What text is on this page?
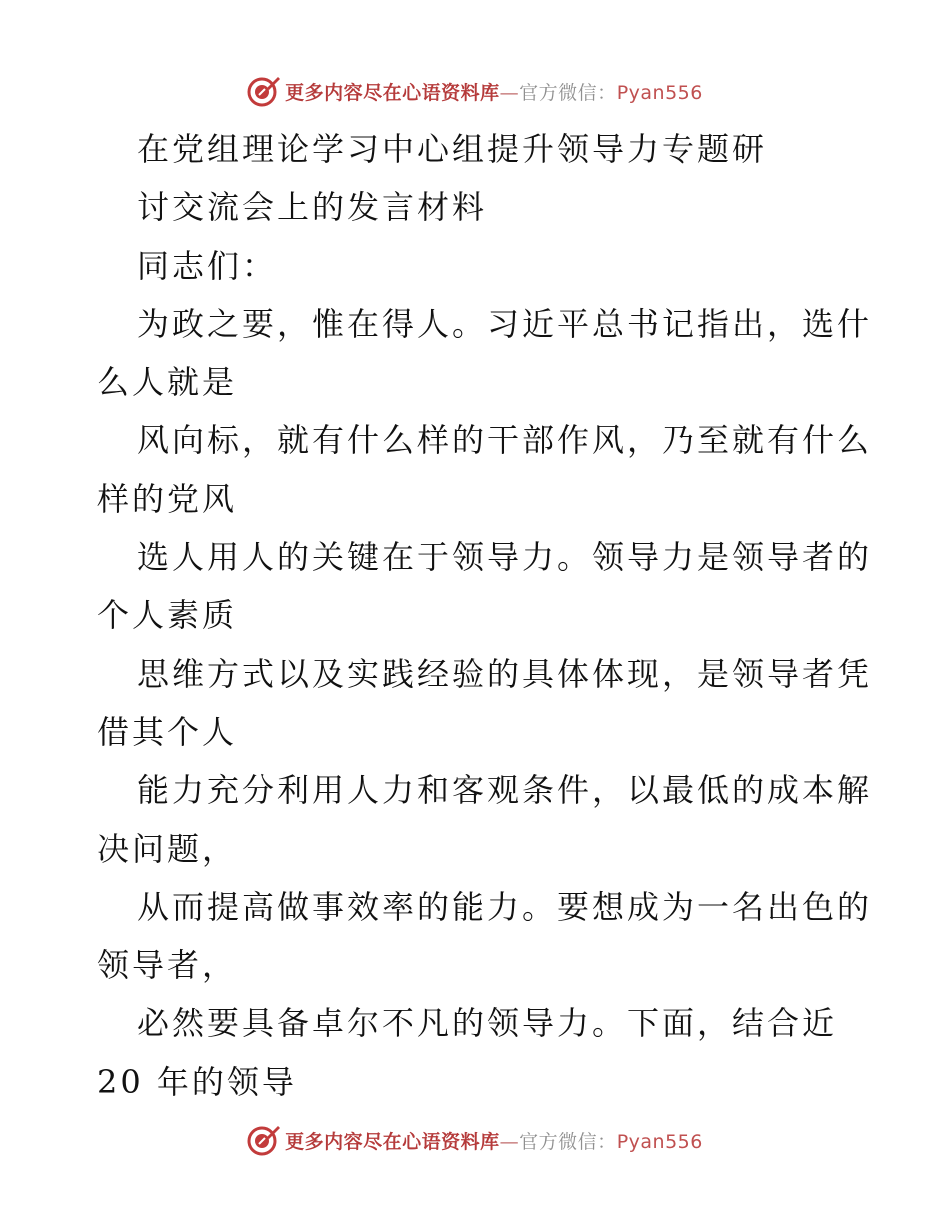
更多内容尽在心语资料库—官方微信：Pyan556
在党组理论学习中心组提升领导力专题研
讨交流会上的发言材料
同志们：
为政之要，惟在得人。习近平总书记指出，选什
么人就是
风向标，就有什么样的干部作风，乃至就有什么
样的党风
选人用人的关键在于领导力。领导力是领导者的
个人素质
思维方式以及实践经验的具体体现，是领导者凭
借其个人
能力充分利用人力和客观条件，以最低的成本解
决问题，
从而提高做事效率的能力。要想成为一名出色的
领导者，
必然要具备卓尔不凡的领导力。下面，结合近
20 年的领导
更多内容尽在心语资料库—官方微信：Pyan556
